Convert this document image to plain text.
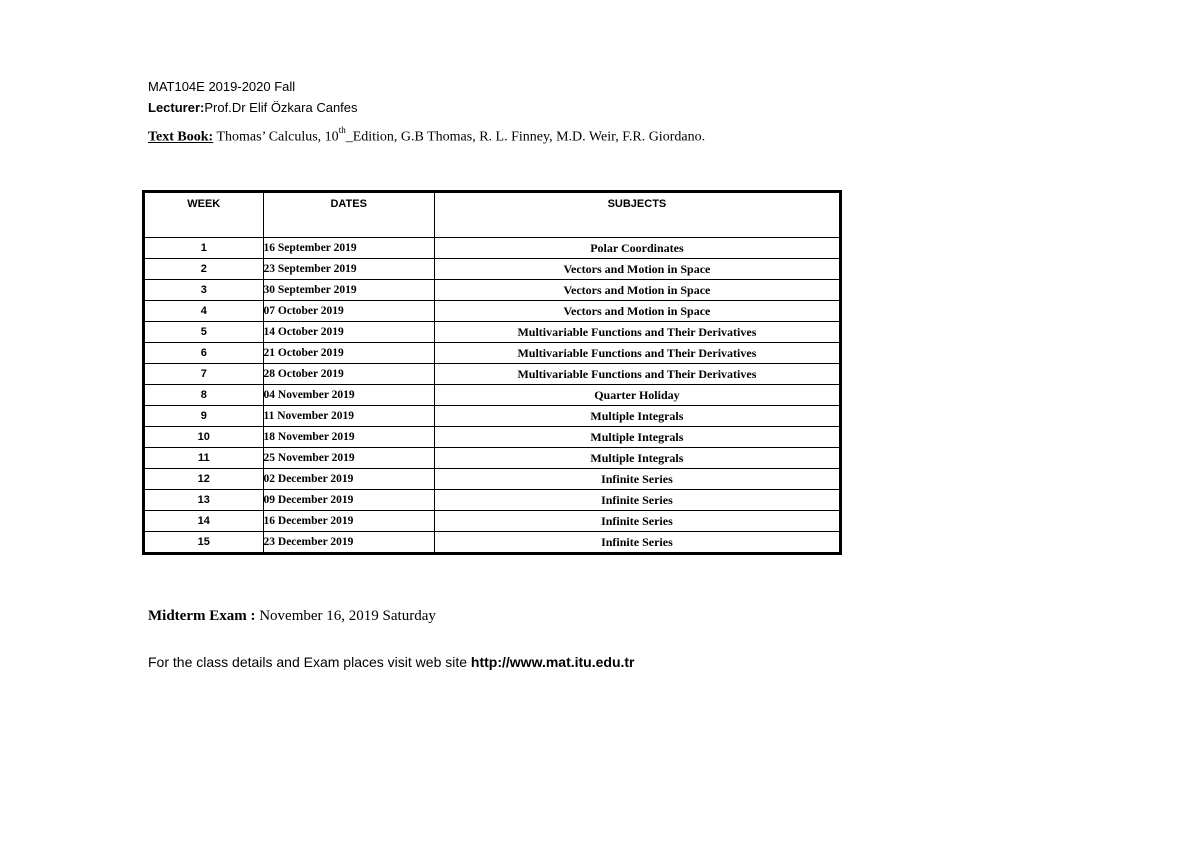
MAT104E 2019-2020 Fall
Lecturer:Prof.Dr Elif Özkara Canfes
Text Book: Thomas’ Calculus, 10th_Edition, G.B Thomas, R. L. Finney, M.D. Weir, F.R. Giordano.
WEEK	DATES	SUBJECTS
1	16 September 2019	Polar Coordinates
2	23 September 2019	Vectors and Motion in Space
3	30 September 2019	Vectors and Motion in Space
4	07 October 2019	Vectors and Motion in Space
5	14 October 2019	Multivariable Functions and Their Derivatives
6	21 October 2019	Multivariable Functions and Their Derivatives
7	28 October 2019	Multivariable Functions and Their Derivatives
8	04 November 2019	Quarter Holiday
9	11 November 2019	Multiple Integrals
10	18 November 2019	Multiple Integrals
11	25 November 2019	Multiple Integrals
12	02 December 2019	Infinite Series
13	09 December 2019	Infinite Series
14	16 December 2019	Infinite Series
15	23 December 2019	Infinite Series
Midterm Exam : November 16, 2019 Saturday
For the class details and Exam places visit web site http://www.mat.itu.edu.tr
